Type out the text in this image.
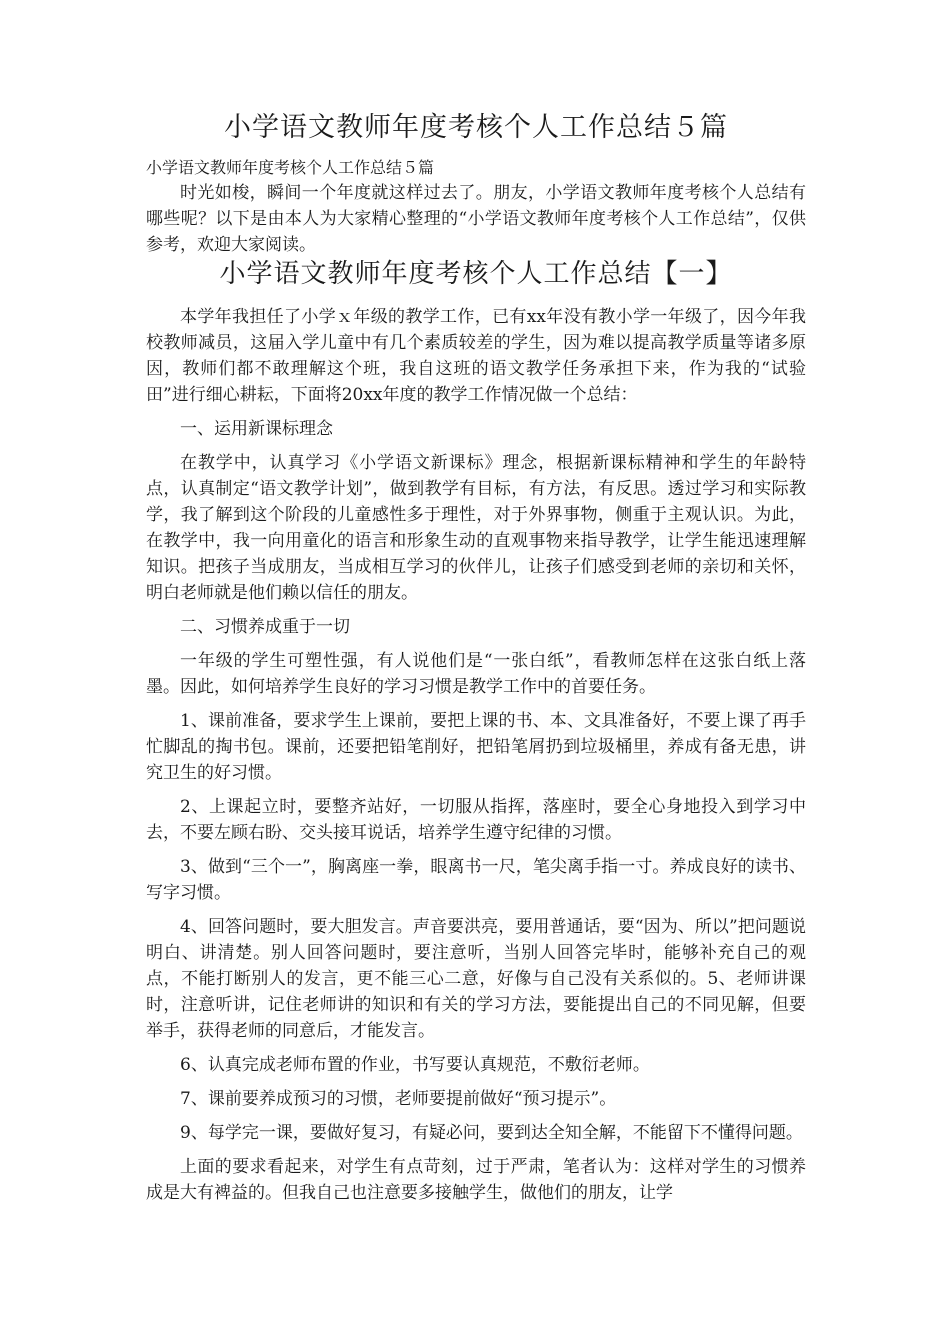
小学语文教师年度考核个人工作总结５篇
小学语文教师年度考核个人工作总结５篇

时光如梭，瞬间一个年度就这样过去了。朋友，小学语文教师年度考核个人总结有哪些呢？以下是由本人为大家精心整理的“小学语文教师年度考核个人工作总结”，仅供参考，欢迎大家阅读。

小学语文教师年度考核个人工作总结【一】

本学年我担任了小学ｘ年级的教学工作，已有xx年没有教小学一年级了，因今年我校教师减员，这届入学儿童中有几个素质较差的学生，因为难以提高教学质量等诸多原因，教师们都不敢理解这个班，我自这班的语文教学任务承担下来，作为我的“试验田”进行细心耕耘，下面将20xx年度的教学工作情况做一个总结：

一、运用新课标理念

在教学中，认真学习《小学语文新课标》理念，根据新课标精神和学生的年龄特点，认真制定“语文教学计划”，做到教学有目标，有方法，有反思。透过学习和实际教学，我了解到这个阶段的儿童感性多于理性，对于外界事物，侧重于主观认识。为此，在教学中，我一向用童化的语言和形象生动的直观事物来指导教学，让学生能迅速理解知识。把孩子当成朋友，当成相互学习的伙伴儿，让孩子们感受到老师的亲切和关怀，明白老师就是他们赖以信任的朋友。

二、习惯养成重于一切

一年级的学生可塑性强，有人说他们是“一张白纸”，看教师怎样在这张白纸上落墨。因此，如何培养学生良好的学习习惯是教学工作中的首要任务。

1、课前准备，要求学生上课前，要把上课的书、本、文具准备好，不要上课了再手忙脚乱的掏书包。课前，还要把铅笔削好，把铅笔屑扔到垃圾桶里，养成有备无患，讲究卫生的好习惯。

2、上课起立时，要整齐站好，一切服从指挥，落座时，要全心身地投入到学习中去，不要左顾右盼、交头接耳说话，培养学生遵守纪律的习惯。

3、做到“三个一”，胸离座一拳，眼离书一尺，笔尖离手指一寸。养成良好的读书、写字习惯。

4、回答问题时，要大胆发言。声音要洪亮，要用普通话，要“因为、所以”把问题说明白、讲清楚。别人回答问题时，要注意听，当别人回答完毕时，能够补充自己的观点，不能打断别人的发言，更不能三心二意，好像与自己没有关系似的。5、老师讲课时，注意听讲，记住老师讲的知识和有关的学习方法，要能提出自己的不同见解，但要举手，获得老师的同意后，才能发言。

6、认真完成老师布置的作业，书写要认真规范，不敷衍老师。

7、课前要养成预习的习惯，老师要提前做好“预习提示”。

9、每学完一课，要做好复习，有疑必问，要到达全知全解，不能留下不懂得问题。

上面的要求看起来，对学生有点苛刻，过于严肃，笔者认为：这样对学生的习惯养成是大有裨益的。但我自己也注意要多接触学生，做他们的朋友，让学
